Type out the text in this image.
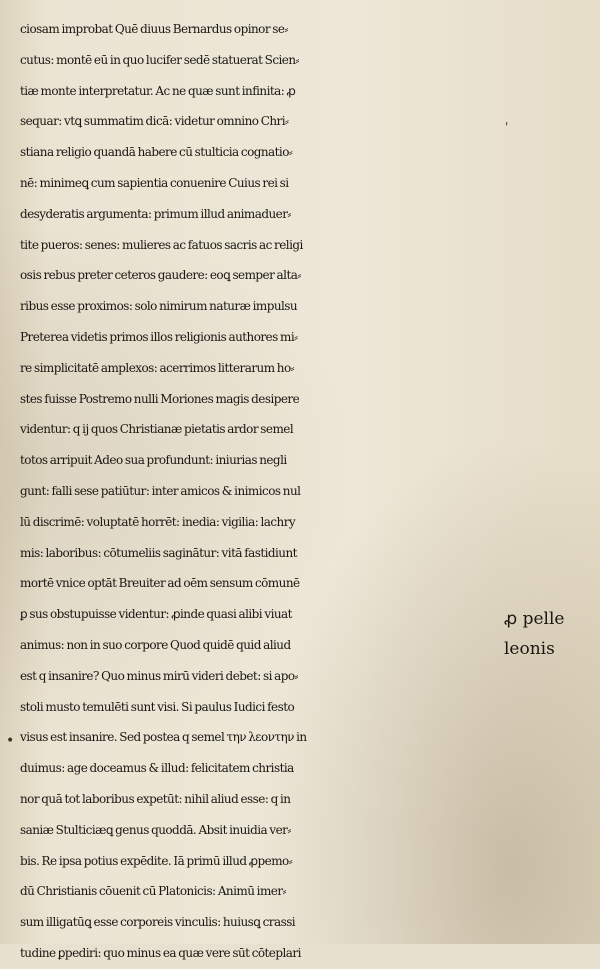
ciosam improbat Quē diuus Bernardus opinor se⸗
cutus: montē eū in quo lucifer sedē statuerat Scien⸗
tiæ monte interpretatur. Ac ne quæ sunt infinita: ꝓ
sequar: vtꝗ summatim dicā: videtur omnino Chri⸗
stiana religio quandā habere cū stulticia cognatio⸗
nē: minimeꝗ cum sapientia conuenire Cuius rei si
desyderatis argumenta: primum illud animaduer⸗
tite pueros: senes: mulieres ac fatuos sacris ac religi
osis rebus preter ceteros gaudere: eoꝗ semper alta⸗
ribus esse proximos: solo nimirum naturæ impulsu
Preterea videtis primos illos religionis authores mi⸗
re simplicitatē amplexos: acerrimos litterarum ho⸗
stes fuisse Postremo nulli Moriones magis desipere
videntur: q ij quos Christianæ pietatis ardor semel
totos arripuit Adeo sua profundunt: iniurias negli
gunt: falli sese patiūtur: inter amicos & inimicos nul
lū discrimē: voluptatē horrēt: inedia: vigilia: lachry
mis: laboribus: cōtumeliis saginātur: vitā fastidiunt
mortē vnice optāt Breuiter ad oēm sensum cōmunē
ꝑ sus obstupuisse videntur: ꝓinde quasi alibi viuat
animus: non in suo corpore Quod quidē quid aliud
est q insanire? Quo minus mirū videri debet: si apo⸗
stoli musto temulēti sunt visi. Si paulus Iudici festo
visus est insanire. Sed postea q semel την λεοντην in
duimus: age doceamus & illud: felicitatem christia
nor quā tot laboribus expetūt: nihil aliud esse: q in
saniæ Stulticiæꝗ genus quoddā. Absit inuidia ver⸗
bis. Re ipsa potius expēdite. Iā primū illud ꝓpemo⸗
dū Christianis cōuenit cū Platonicis: Animū imer⸗
sum illigatūꝗ esse corporeis vinculis: huiusꝗ crassi
tudine ꝑpediri: quo minus ea quæ vere sūt cōteplari
ꝓ pelle
leonis
•
'
